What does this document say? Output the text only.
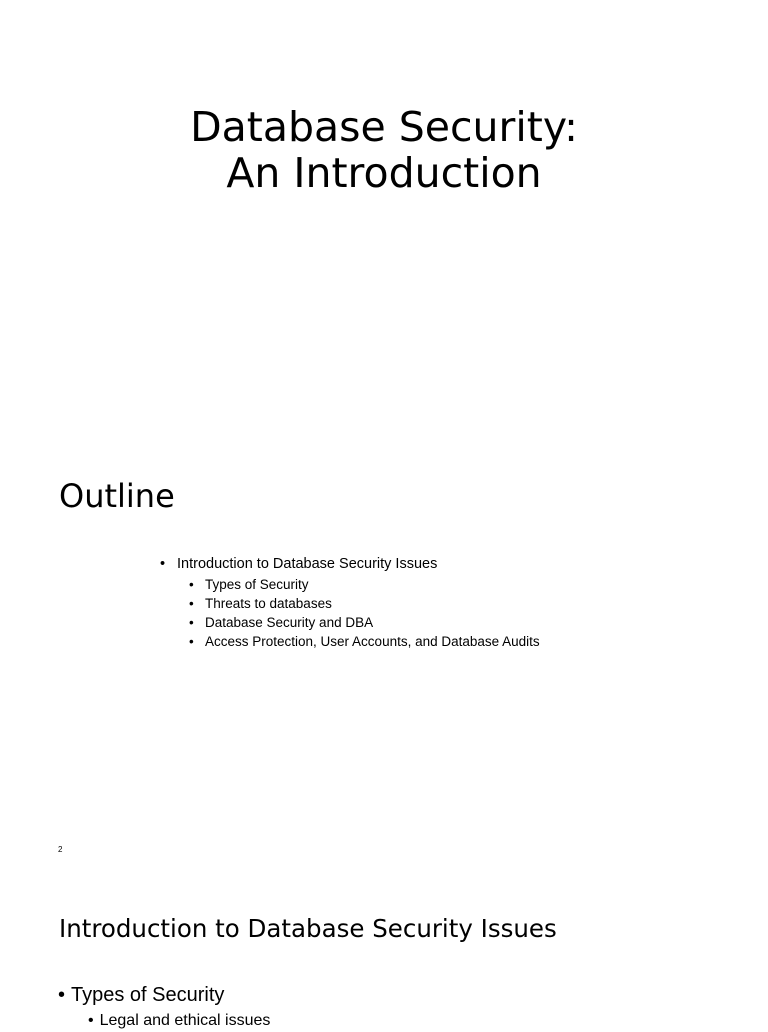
Database Security:
An Introduction
Outline
• Introduction to Database Security Issues
• Types of Security
• Threats to databases
• Database Security and DBA
• Access Protection, User Accounts, and Database Audits
2
Introduction to Database Security Issues
• Types of Security
• Legal and ethical issues
